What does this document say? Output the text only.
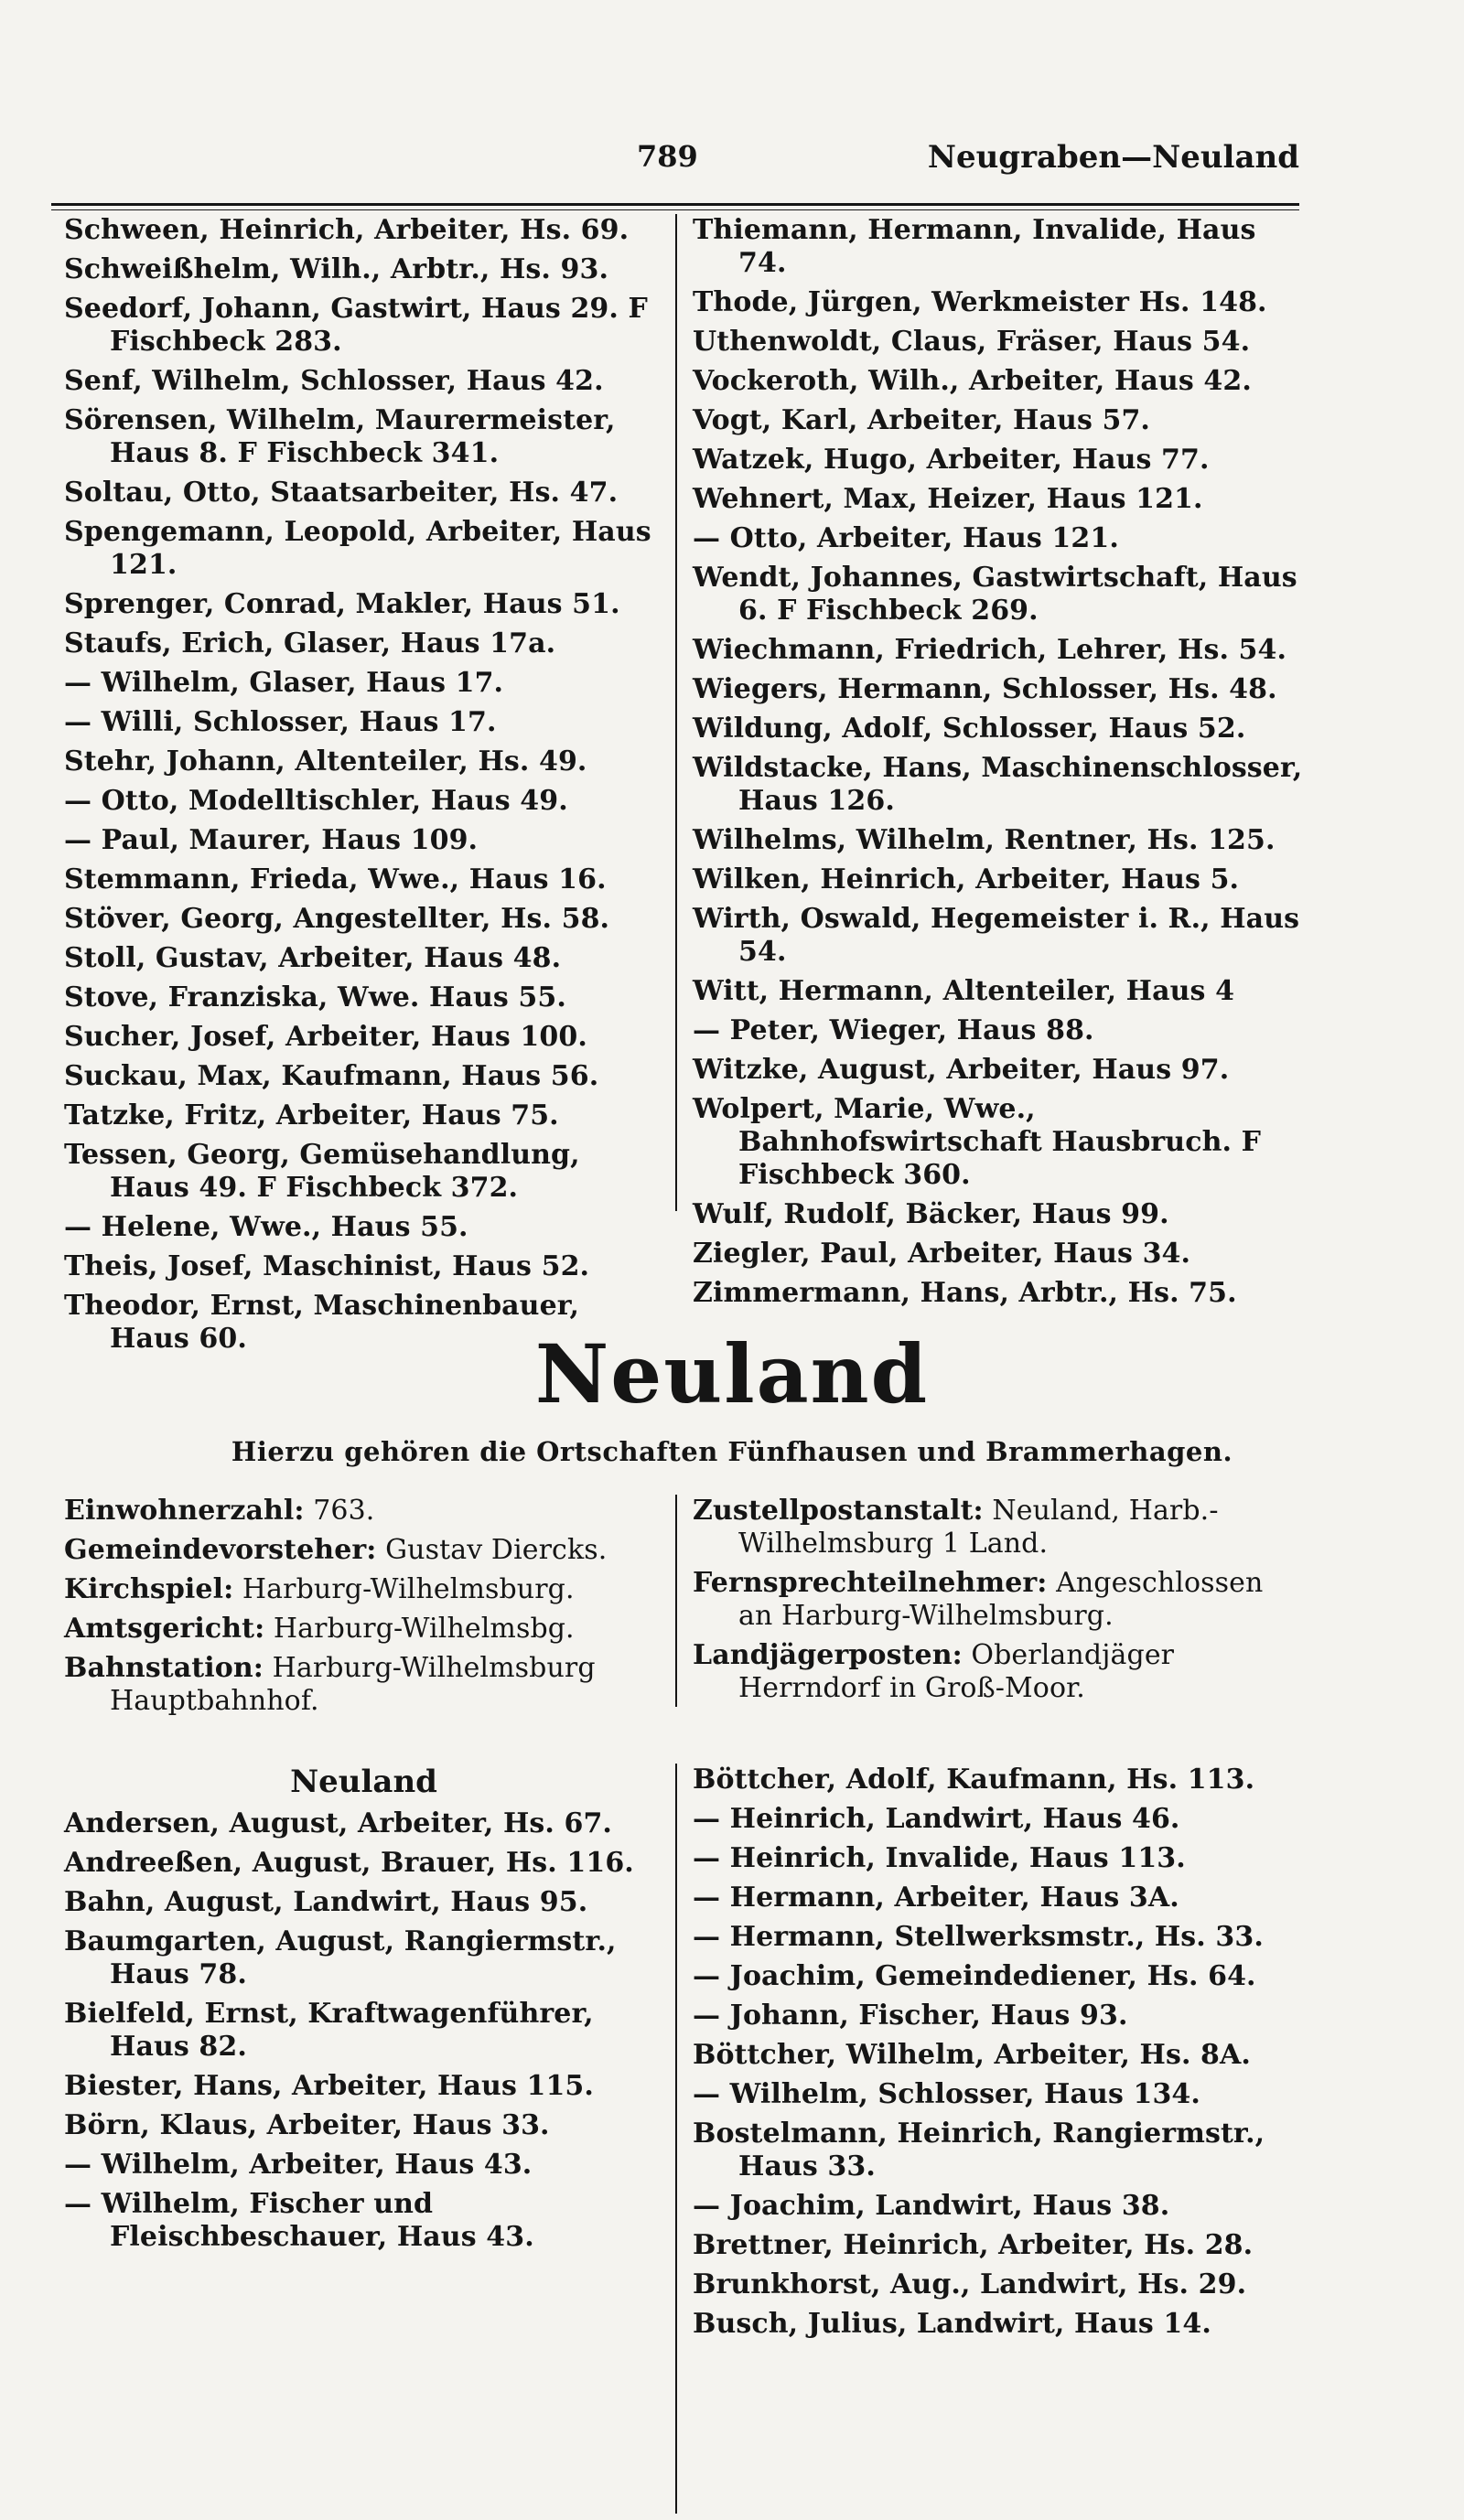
789	Neugraben—Neuland
Schween, Heinrich, Arbeiter, Hs. 69.
Schweißhelm, Wilh., Arbtr., Hs. 93.
Seedorf, Johann, Gastwirt, Haus 29. F Fischbeck 283.
Senf, Wilhelm, Schlosser, Haus 42.
Sörensen, Wilhelm, Maurermeister, Haus 8. F Fischbeck 341.
Soltau, Otto, Staatsarbeiter, Hs. 47.
Spengemann, Leopold, Arbeiter, Haus 121.
Sprenger, Conrad, Makler, Haus 51.
Staufs, Erich, Glaser, Haus 17a.
— Wilhelm, Glaser, Haus 17.
— Willi, Schlosser, Haus 17.
Stehr, Johann, Altenteiler, Hs. 49.
— Otto, Modelltischler, Haus 49.
— Paul, Maurer, Haus 109.
Stemmann, Frieda, Wwe., Haus 16.
Stöver, Georg, Angestellter, Hs. 58.
Stoll, Gustav, Arbeiter, Haus 48.
Stove, Franziska, Wwe. Haus 55.
Sucher, Josef, Arbeiter, Haus 100.
Suckau, Max, Kaufmann, Haus 56.
Tatzke, Fritz, Arbeiter, Haus 75.
Tessen, Georg, Gemüsehandlung, Haus 49. F Fischbeck 372.
— Helene, Wwe., Haus 55.
Theis, Josef, Maschinist, Haus 52.
Theodor, Ernst, Maschinenbauer, Haus 60.
Thiemann, Hermann, Invalide, Haus 74.
Thode, Jürgen, Werkmeister Hs. 148.
Uthenwoldt, Claus, Fräser, Haus 54.
Vockeroth, Wilh., Arbeiter, Haus 42.
Vogt, Karl, Arbeiter, Haus 57.
Watzek, Hugo, Arbeiter, Haus 77.
Wehnert, Max, Heizer, Haus 121.
— Otto, Arbeiter, Haus 121.
Wendt, Johannes, Gastwirtschaft, Haus 6. F Fischbeck 269.
Wiechmann, Friedrich, Lehrer, Hs. 54.
Wiegers, Hermann, Schlosser, Hs. 48.
Wildung, Adolf, Schlosser, Haus 52.
Wildstacke, Hans, Maschinenschlosser, Haus 126.
Wilhelms, Wilhelm, Rentner, Hs. 125.
Wilken, Heinrich, Arbeiter, Haus 5.
Wirth, Oswald, Hegemeister i. R., Haus 54.
Witt, Hermann, Altenteiler, Haus 4
— Peter, Wieger, Haus 88.
Witzke, August, Arbeiter, Haus 97.
Wolpert, Marie, Wwe., Bahnhofswirtschaft Hausbruch. F Fischbeck 360.
Wulf, Rudolf, Bäcker, Haus 99.
Ziegler, Paul, Arbeiter, Haus 34.
Zimmermann, Hans, Arbtr., Hs. 75.
Neuland
Hierzu gehören die Ortschaften Fünfhausen und Brammerhagen.
Einwohnerzahl: 763.
Gemeindevorsteher: Gustav Diercks.
Kirchspiel: Harburg-Wilhelmsburg.
Amtsgericht: Harburg-Wilhelmsbg.
Bahnstation: Harburg-Wilhelmsburg Hauptbahnhof.
Zustellpostanstalt: Neuland, Harb.-Wilhelmsburg 1 Land.
Fernsprechteilnehmer: Angeschlossen an Harburg-Wilhelmsburg.
Landjägerposten: Oberlandjäger Herrndorf in Groß-Moor.
Neuland
Andersen, August, Arbeiter, Hs. 67.
Andreeßen, August, Brauer, Hs. 116.
Bahn, August, Landwirt, Haus 95.
Baumgarten, August, Rangiermstr., Haus 78.
Bielfeld, Ernst, Kraftwagenführer, Haus 82.
Biester, Hans, Arbeiter, Haus 115.
Börn, Klaus, Arbeiter, Haus 33.
— Wilhelm, Arbeiter, Haus 43.
— Wilhelm, Fischer und Fleischbeschauer, Haus 43.
Böttcher, Adolf, Kaufmann, Hs. 113.
— Heinrich, Landwirt, Haus 46.
— Heinrich, Invalide, Haus 113.
— Hermann, Arbeiter, Haus 3A.
— Hermann, Stellwerksmstr., Hs. 33.
— Joachim, Gemeindediener, Hs. 64.
— Johann, Fischer, Haus 93.
Böttcher, Wilhelm, Arbeiter, Hs. 8A.
— Wilhelm, Schlosser, Haus 134.
Bostelmann, Heinrich, Rangiermstr., Haus 33.
— Joachim, Landwirt, Haus 38.
Brettner, Heinrich, Arbeiter, Hs. 28.
Brunkhorst, Aug., Landwirt, Hs. 29.
Busch, Julius, Landwirt, Haus 14.
